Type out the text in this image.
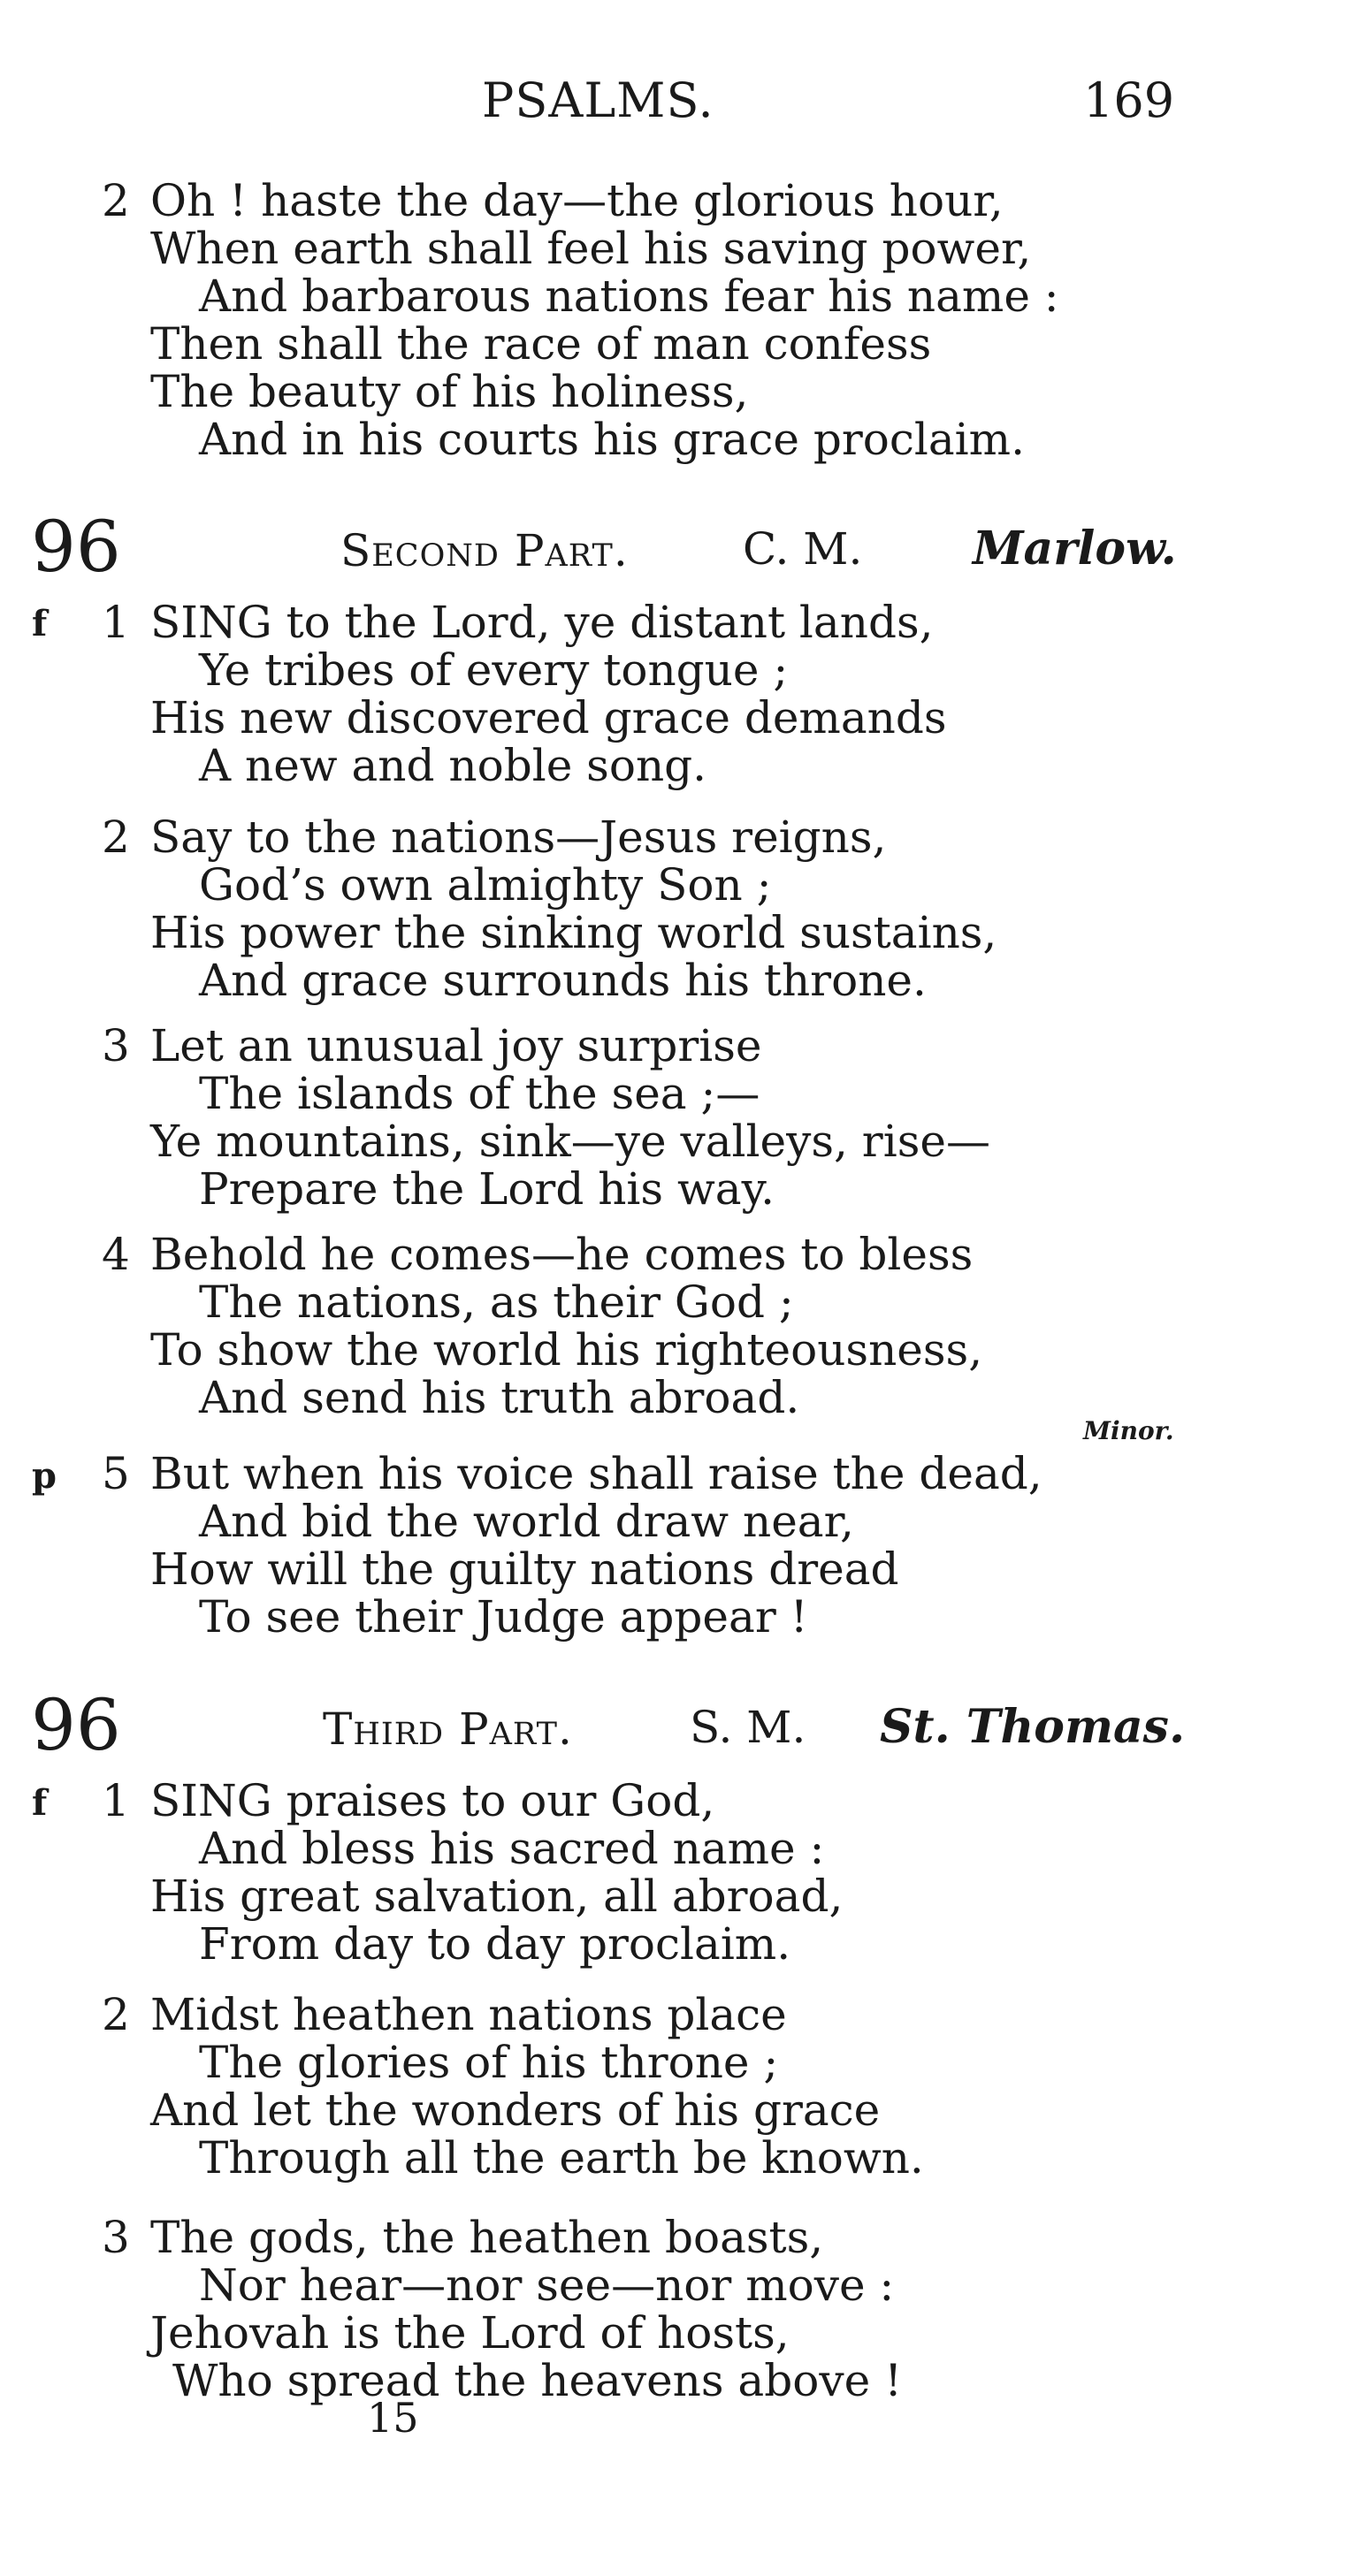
PSALMS.	169
2 Oh ! haste the day—the glorious hour,
When earth shall feel his saving power,
And barbarous nations fear his name :
Then shall the race of man confess
The beauty of his holiness,
And in his courts his grace proclaim.
96	Second Part.	C. M. Marlow.
f 1 SING to the Lord, ye distant lands,
Ye tribes of every tongue ;
His new discovered grace demands
A new and noble song.
2 Say to the nations—Jesus reigns,
God’s own almighty Son ;
His power the sinking world sustains,
And grace surrounds his throne.
3 Let an unusual joy surprise
The islands of the sea ;—
Ye mountains, sink—ye valleys, rise—
Prepare the Lord his way.
4 Behold he comes—he comes to bless
The nations, as their God ;
To show the world his righteousness,
And send his truth abroad.
Minor.
p 5 But when his voice shall raise the dead,
And bid the world draw near,
How will the guilty nations dread
To see their Judge appear !
96	Third Part.	S. M. St. Thomas.
f 1 SING praises to our God,
And bless his sacred name :
His great salvation, all abroad,
From day to day proclaim.
2 Midst heathen nations place
The glories of his throne ;
And let the wonders of his grace
Through all the earth be known.
3 The gods, the heathen boasts,
Nor hear—nor see—nor move :
Jehovah is the Lord of hosts,
Who spread the heavens above !
15
